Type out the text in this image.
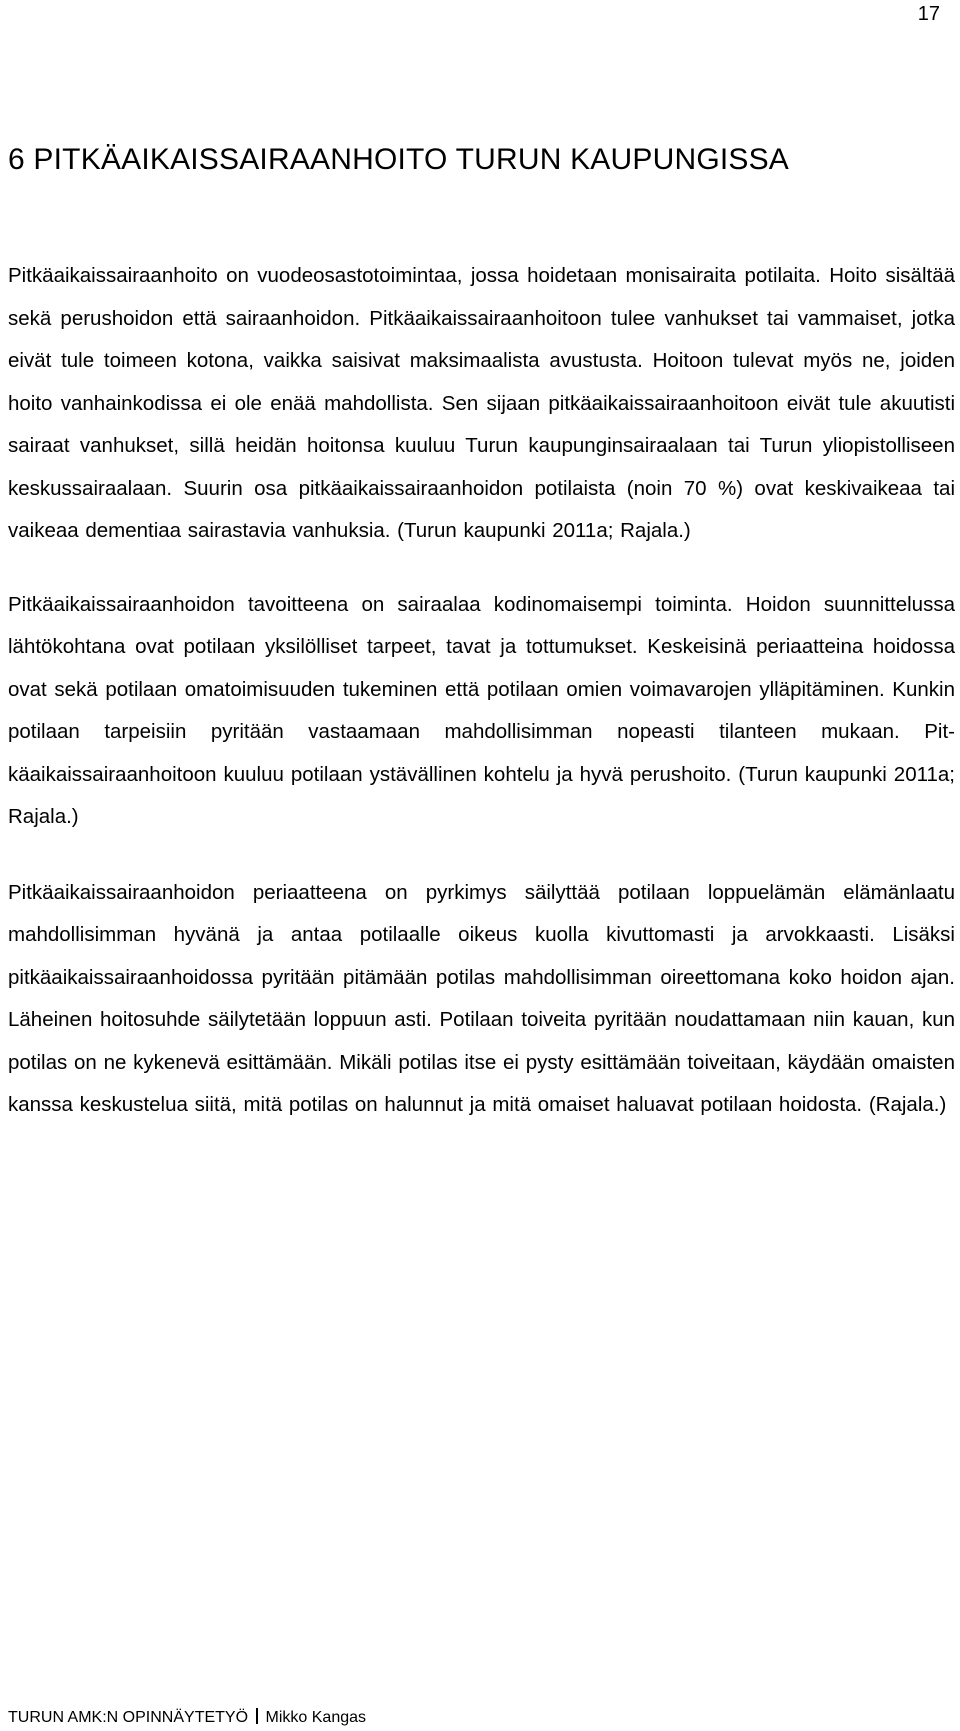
17
6 PITKÄAIKAISSAIRAANHOITO TURUN KAUPUNGISSA

Pitkäaikaissairaanhoito on vuodeosastotoimintaa, jossa hoidetaan monisairaita potilaita. Hoito sisältää sekä perushoidon että sairaanhoidon. Pitkäaikaissairaanhoitoon tulee vanhukset tai vammaiset, jotka eivät tule toimeen kotona, vaikka saisivat maksimaalista avustusta. Hoitoon tulevat myös ne, joiden hoito vanhainkodissa ei ole enää mahdollista. Sen sijaan pitkäaikaissairaanhoitoon eivät tule akuutisti sairaat vanhukset, sillä heidän hoitonsa kuuluu Turun kaupunginsairaalaan tai Turun yliopistolliseen keskussairaalaan. Suurin osa pitkäaikaissairaanhoidon potilaista (noin 70 %) ovat keskivaikeaa tai vaikeaa dementiaa sairastavia vanhuksia. (Turun kaupunki 2011a; Rajala.)

Pitkäaikaissairaanhoidon tavoitteena on sairaalaa kodinomaisempi toiminta. Hoidon suunnittelussa lähtökohtana ovat potilaan yksilölliset tarpeet, tavat ja tottumukset. Keskeisinä periaatteina hoidossa ovat sekä potilaan omatoimisuuden tukeminen että potilaan omien voimavarojen ylläpitäminen. Kunkin potilaan tarpeisiin pyritään vastaamaan mahdollisimman nopeasti tilanteen mukaan. Pitkäaikaissairaanhoitoon kuuluu potilaan ystävällinen kohtelu ja hyvä perushoito. (Turun kaupunki 2011a; Rajala.)

Pitkäaikaissairaanhoidon periaatteena on pyrkimys säilyttää potilaan loppuelämän elämänlaatu mahdollisimman hyvänä ja antaa potilaalle oikeus kuolla kivuttomasti ja arvokkaasti. Lisäksi pitkäaikaissairaanhoidossa pyritään pitämään potilas mahdollisimman oireettomana koko hoidon ajan. Läheinen hoitosuhde säilytetään loppuun asti. Potilaan toiveita pyritään noudattamaan niin kauan, kun potilas on ne kykenevä esittämään. Mikäli potilas itse ei pysty esittämään toiveitaan, käydään omaisten kanssa keskustelua siitä, mitä potilas on halunnut ja mitä omaiset haluavat potilaan hoidosta. (Rajala.)

TURUN AMK:N OPINNÄYTETYÖ Mikko Kangas
